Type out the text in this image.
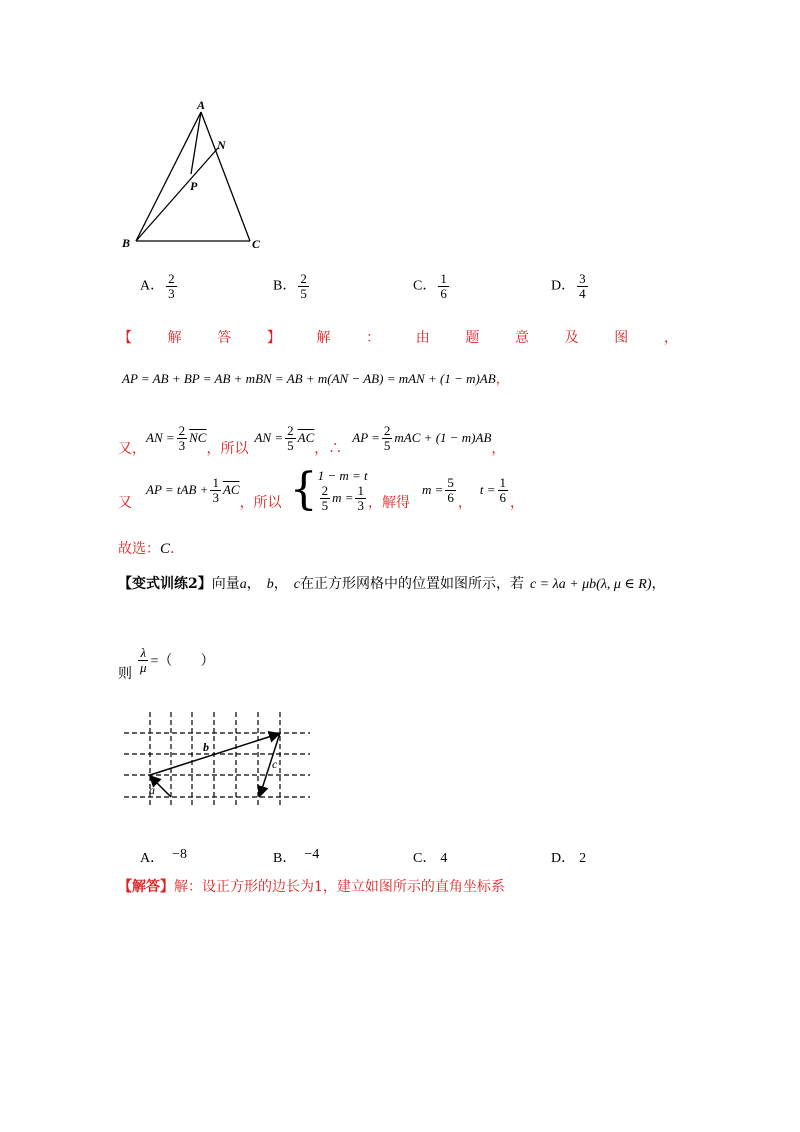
A
B	C
N
P
A． $\frac{2}{3}$	B． $\frac{2}{5}$	C． $\frac{1}{6}$	D． $\frac{3}{4}$
【	解	答	】	解	：	由	题	意	及	图	，
AP = AB + BP = AB + mBN = AB + m(AN − AB) = mAN + (1 − m)AB，
又，
AN = $\frac{2}{3} \overline{NC}$
，所以
AN = $\frac{2}{5} \overline{AC}$
，∴
AP = $\frac{2}{5}$ mAC + (1 − m)AB
，
又
AP = tAB + $\frac{1}{3} \overline{AC}$
，所以 { 1 − m = t
$\frac{2}{5}$ $m = \frac{1}{3}$ ，解得
$m = \frac{5}{6}$ ，
$t = \frac{1}{6}$ ，
故选：C．
【变式训练2】向量a， b， c在正方形网格中的位置如图所示，若 c = λa + μb(λ, μ ∈ R)，
则 $\frac{\lambda}{\mu}$ =（ ）
a
b
c
A． −8	B． −4	C． 4	D． 2
【解答】解：设正方形的边长为1，建立如图所示的直角坐标系
